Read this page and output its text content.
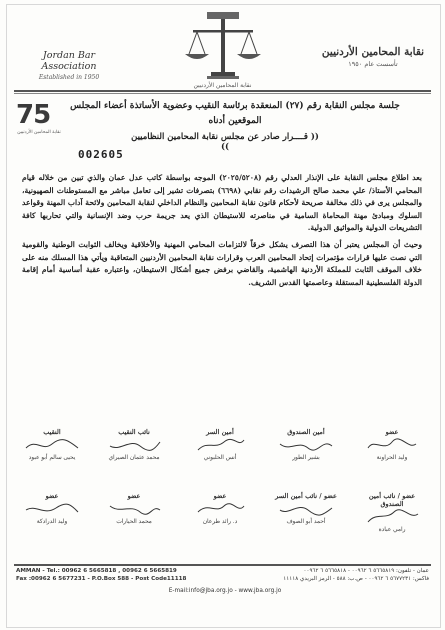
Jordan Bar Association
Established in 1950
نقابة المحامين الأردنيين
نقابة المحامين الأردنيين
تأسست عام ١٩٥٠
75
نقابة المحامين الأردنيين
جلسة مجلس النقابة رقم (٢٧) المنعقدة برئاسة النقيب وعضوية الأساتذة أعضاء المجلس
الموقعين أدناه
(( قــــرار صادر عن مجلس نقابة المحامين النظاميين ))
002605

بعد اطلاع مجلس النقابة على الإنذار العدلي رقم (٢٠٢٥/٥٢٠٨) الموجه بواسطة كاتب عدل عمان والذي تبين من خلاله قيام المحامي الأستاذ/ علي محمد صالح الرشيدات رقم نقابي (٦٦٩٨) بتصرفات تشير إلى تعامل مباشر مع المستوطنات الصهيونية، والمجلس يرى في ذلك مخالفة صريحة لأحكام قانون نقابة المحامين والنظام الداخلي لنقابة المحامين ولائحة آداب المهنة وقواعد السلوك ومبادئ مهنة المحاماة السامية في مناصرته للاستيطان الذي يعد جريمة حرب وضد الإنسانية والتي تحاربها كافة التشريعات الدولية والمواثيق الدولية.

وحيث أن المجلس يعتبر أن هذا التصرف يشكل خرقاً لالتزامات المحامي المهنية والأخلاقية ويخالف الثوابت الوطنية والقومية التي نصت عليها قرارات مؤتمرات إتحاد المحامين العرب وقرارات نقابة المحامين الأردنيين المتعاقبة ويأتي هذا المسلك منه على خلاف الموقف الثابت للمملكة الأردنية الهاشمية، والقاضي برفض جميع أشكال الاستيطان، واعتباره عقبة أساسية أمام إقامة الدولة الفلسطينية المستقلة وعاصمتها القدس الشريف.

النقيب
يحيى سالم أبو عبود
نائب النقيب
محمد عثمان الصيراي
أمين السر
أنس الحلبوني
أمين الصندوق
بشير الطور
عضو
وليد الحراونة
عضو
وليد الدرادكة
عضو
محمد الحيارات
عضو
د. رائد طرعان
عضو / نائب أمين السر
أحمد أبو الصوف
عضو / نائب أمين الصندوق
رامي عبادة
AMMAN - Tel.: 00962 6 5665818 , 00962 6 5665819
Fax :00962 6 5677231 - P.O.Box 588 - Post Code11118
عمان - تلفون: ٥٦٦٥٨١٩ ٦ ٠٠٩٦٢ - ٥٦٦٥٨١٨ ٦ ٠٠٩٦٢
فاكس: ٥٦٧٧٢٣١ ٦ ٠٠٩٦٢ - ص.ب: ٥٨٨ - الرمز البريدي ١١١١٨
E-mail:info@jba.org.jo - www.jba.org.jo
